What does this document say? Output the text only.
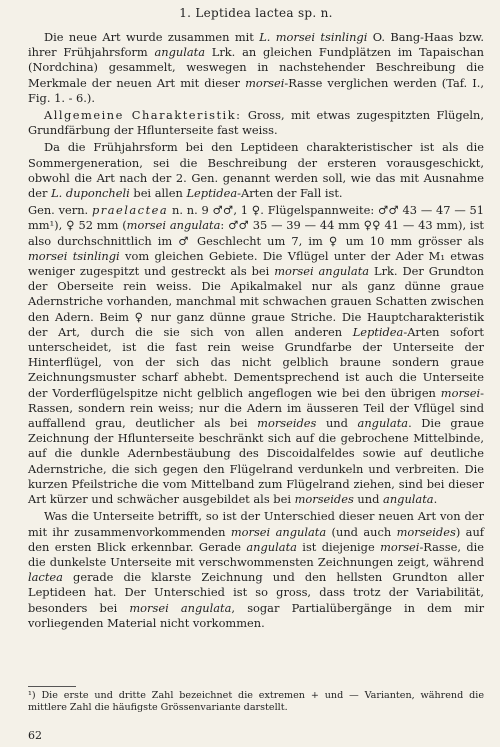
1. Leptidea lactea sp. n.

Die neue Art wurde zusammen mit L. morsei tsinlingi O. Bang-Haas bzw. ihrer Frühjahrsform angulata Lrk. an gleichen Fundplätzen im Tapaischan (Nordchina) gesammelt, weswegen in nachstehender Beschreibung die Merkmale der neuen Art mit dieser morsei-Rasse verglichen werden (Taf. I., Fig. 1. - 6.).

Allgemeine Charakteristik: Gross, mit etwas zugespitzten Flügeln, Grundfärbung der Hflunterseite fast weiss.

Da die Frühjahrsform bei den Leptideen charakteristischer ist als die Sommergeneration, sei die Beschreibung der ersteren vorausgeschickt, obwohl die Art nach der 2. Gen. genannt werden soll, wie das mit Ausnahme der L. duponcheli bei allen Leptidea-Arten der Fall ist.

Gen. vern. praelactea n. n. 9 ♂♂, 1 ♀. Flügelspannweite: ♂♂ 43 — 47 — 51 mm¹), ♀ 52 mm (morsei angulata: ♂♂ 35 — 39 — 44 mm ♀♀ 41 — 43 mm), ist also durchschnittlich im ♂ Geschlecht um 7, im ♀ um 10 mm grösser als morsei tsinlingi vom gleichen Gebiete. Die Vflügel unter der Ader M₁ etwas weniger zugespitzt und gestreckt als bei morsei angulata Lrk. Der Grundton der Oberseite rein weiss. Die Apikalmakel nur als ganz dünne graue Adernstriche vorhanden, manchmal mit schwachen grauen Schatten zwischen den Adern. Beim ♀ nur ganz dünne graue Striche. Die Hauptcharakteristik der Art, durch die sie sich von allen anderen Leptidea-Arten sofort unterscheidet, ist die fast rein weise Grundfarbe der Unterseite der Hinterflügel, von der sich das nicht gelblich braune sondern graue Zeichnungsmuster scharf abhebt. Dementsprechend ist auch die Unterseite der Vorderflügelspitze nicht gelblich angeflogen wie bei den übrigen morsei-Rassen, sondern rein weiss; nur die Adern im äusseren Teil der Vflügel sind auffallend grau, deutlicher als bei morseides und angulata. Die graue Zeichnung der Hflunterseite beschränkt sich auf die gebrochene Mittelbinde, auf die dunkle Adernbestäubung des Discoidalfeldes sowie auf deutliche Adernstriche, die sich gegen den Flügelrand verdunkeln und verbreiten. Die kurzen Pfeilstriche die vom Mittelband zum Flügelrand ziehen, sind bei dieser Art kürzer und schwächer ausgebildet als bei morseides und angulata.

Was die Unterseite betrifft, so ist der Unterschied dieser neuen Art von der mit ihr zusammenvorkommenden morsei angulata (und auch morseides) auf den ersten Blick erkennbar. Gerade angulata ist diejenige morsei-Rasse, die die dunkelste Unterseite mit verschwommensten Zeichnungen zeigt, während lactea gerade die klarste Zeichnung und den hellsten Grundton aller Leptideen hat. Der Unterschied ist so gross, dass trotz der Variabilität, besonders bei morsei angulata, sogar Partialübergänge in dem mir vorliegenden Material nicht vorkommen.

¹) Die erste und dritte Zahl bezeichnet die extremen + und — Varianten, während die mittlere Zahl die häufigste Grössenvariante darstellt.
62
